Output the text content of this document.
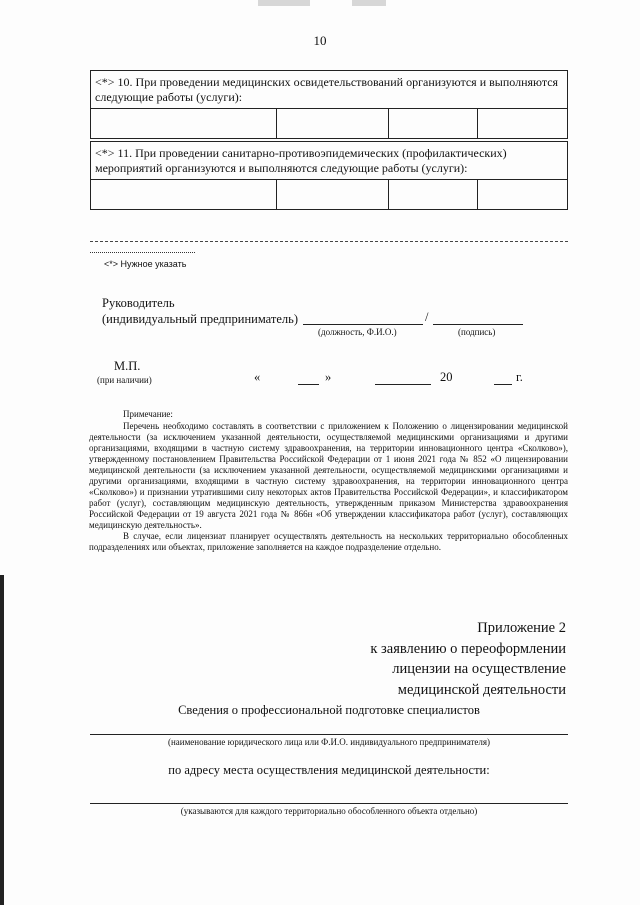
10
<*> 10. При проведении медицинских освидетельствований организуются и выполняются следующие работы (услуги):

<*> 11. При проведении санитарно-противоэпидемических (профилактических) мероприятий организуются и выполняются следующие работы (услуги):

<*> Нужное указать
Руководитель
(индивидуальный предприниматель)	/
(должность, Ф.И.О.)	(подпись)
М.П.
(при наличии)	«	»	20	г.
Примечание:

Перечень необходимо составлять в соответствии с приложением к Положению о лицензировании медицинской деятельности (за исключением указанной деятельности, осуществляемой медицинскими организациями и другими организациями, входящими в частную систему здравоохранения, на территории инновационного центра «Сколково»), утвержденному постановлением Правительства Российской Федерации от 1 июня 2021 года № 852 «О лицензировании медицинской деятельности (за исключением указанной деятельности, осуществляемой медицинскими организациями и другими организациями, входящими в частную систему здравоохранения, на территории инновационного центра «Сколково») и признании утратившими силу некоторых актов Правительства Российской Федерации», и классификатором работ (услуг), составляющим медицинскую деятельность, утвержденным приказом Министерства здравоохранения Российской Федерации от 19 августа 2021 года № 866н «Об утверждении классификатора работ (услуг), составляющих медицинскую деятельность».

В случае, если лицензиат планирует осуществлять деятельность на нескольких территориально обособленных подразделениях или объектах, приложение заполняется на каждое подразделение отдельно.

Приложение 2
к заявлению о переоформлении
лицензии на осуществление
медицинской деятельности
Сведения о профессиональной подготовке специалистов
(наименование юридического лица или Ф.И.О. индивидуального предпринимателя)
по адресу места осуществления медицинской деятельности:
(указываются для каждого территориально обособленного объекта отдельно)
